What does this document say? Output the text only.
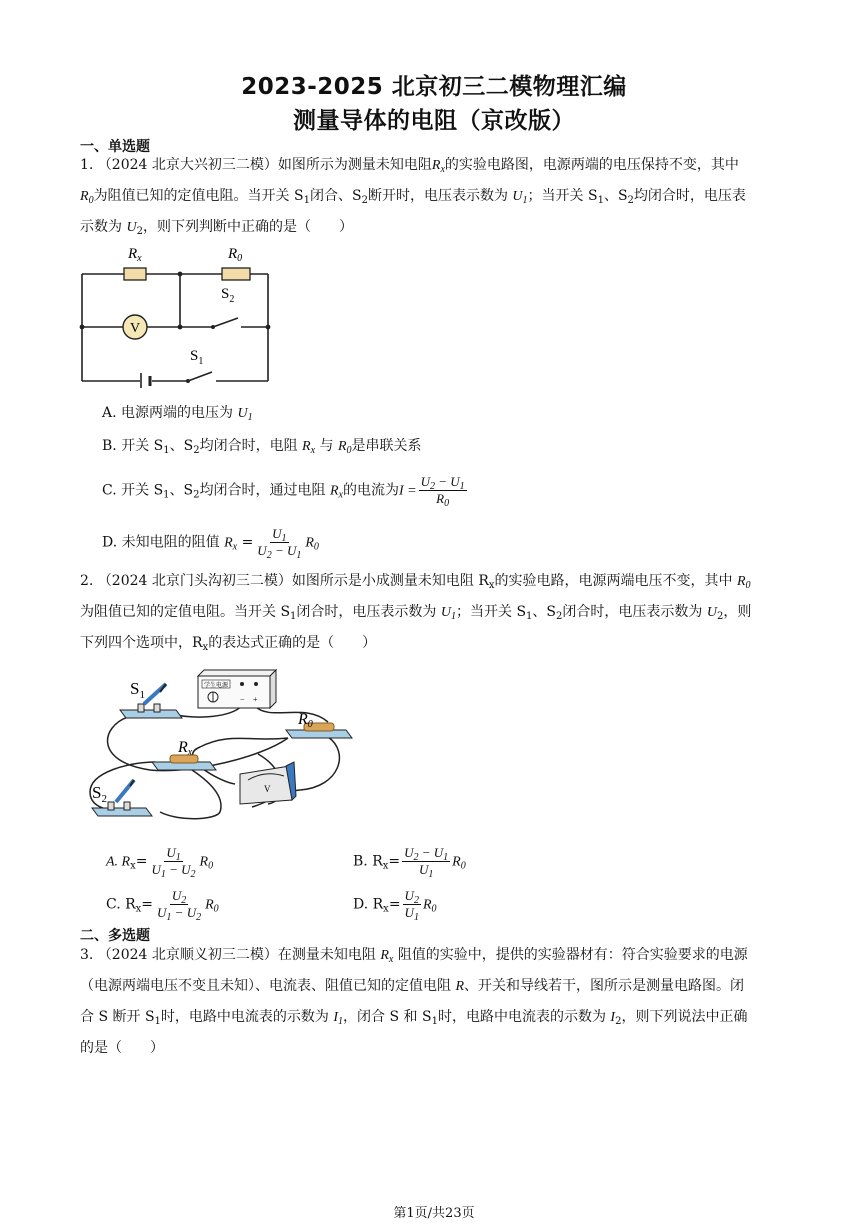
2023-2025 北京初三二模物理汇编
测量导体的电阻（京改版）
一、单选题
1. （2024 北京大兴初三二模）如图所示为测量未知电阻$R_x$的实验电路图，电源两端的电压保持不变，其中
$R_0$为阻值已知的定值电阻。当开关 $S_1$闭合、$S_2$断开时，电压表示数为 $U_1$；当开关 $S_1$、$S_2$均闭合时，电压表
示数为 $U_2$，则下列判断中正确的是（　　）
V
$R_x$	$R_0$
$S_2$
$S_1$
A. 电源两端的电压为 $U_1$
B. 开关 $S_1$、$S_2$均闭合时，电阻 $R_x$ 与 $R_0$是串联关系
C. 开关 $S_1$、$S_2$均闭合时，通过电阻 $R_x$的电流为$I = \frac{U_2 - U_1}{R_0}$
D. 未知电阻的阻值 $R_x = \frac{U_1}{U_2 - U_1} R_0$
2. （2024 北京门头沟初三二模）如图所示是小成测量未知电阻 $R_x$的实验电路，电源两端电压不变，其中 $R_0$
为阻值已知的定值电阻。当开关 $S_1$闭合时，电压表示数为 $U_1$；当开关 $S_1$、$S_2$闭合时，电压表示数为 $U_2$，则
下列四个选项中，$R_x$的表达式正确的是（　　）
学生电源
− +
V
$S_1$
$S_2$
Rx
R0
A. $R_x= \frac{U_1}{U_1 - U_2} R_0$	B. $R_x= \frac{U_2 - U_1}{U_1} R_0$
C. $R_x= \frac{U_2}{U_1 - U_2} R_0$	D. $R_x= \frac{U_2}{U_1} R_0$
二、多选题
3. （2024 北京顺义初三二模）在测量未知电阻 $R_x$ 阻值的实验中，提供的实验器材有：符合实验要求的电源
（电源两端电压不变且未知）、电流表、阻值已知的定值电阻 R、开关和导线若干，图所示是测量电路图。闭
合 S 断开 $S_1$时，电路中电流表的示数为 $I_1$，闭合 S 和 $S_1$时，电路中电流表的示数为 $I_2$，则下列说法中正确
的是（　　）
第1页/共23页
